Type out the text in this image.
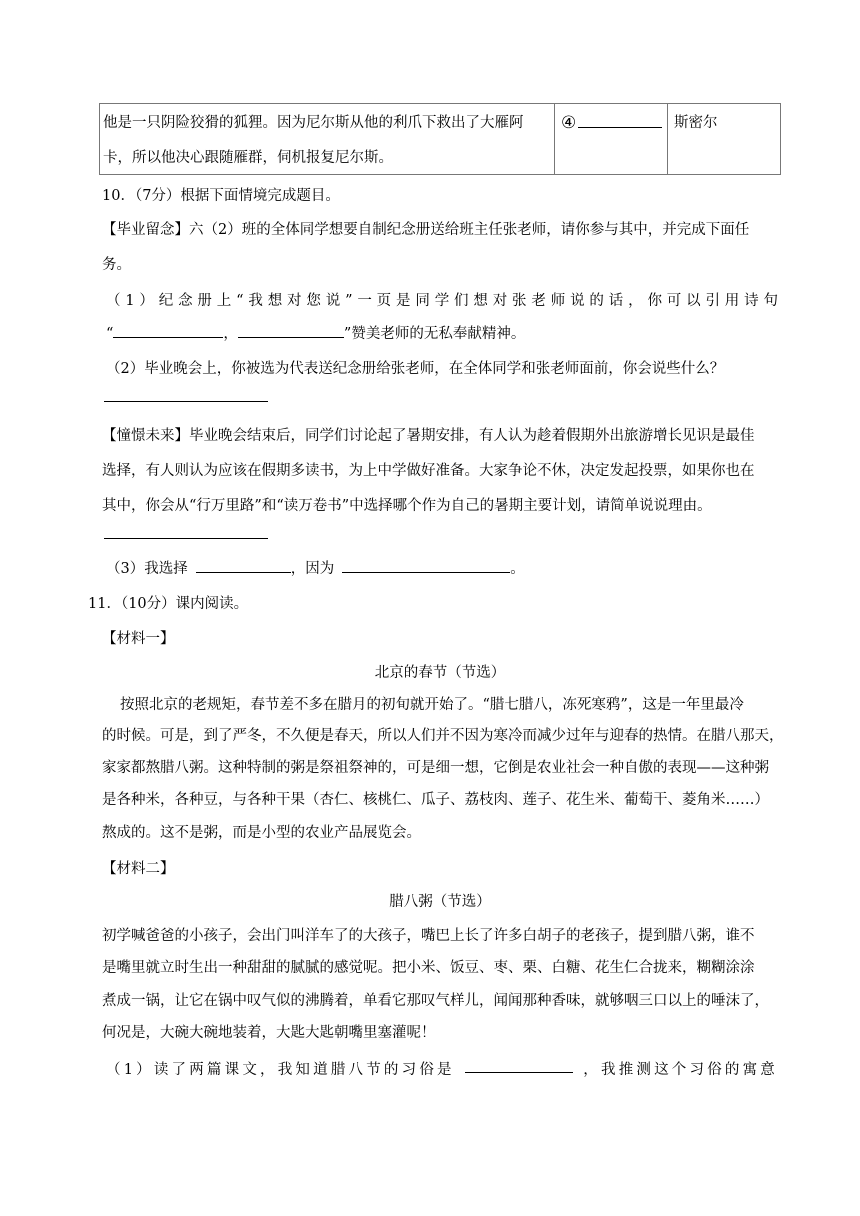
他是一只阴险狡猾的狐狸。因为尼尔斯从他的利爪下救出了大雁阿
卡，所以他决心跟随雁群，伺机报复尼尔斯。

④	斯密尔
10．（7分）根据下面情境完成题目。
【毕业留念】六（2）班的全体同学想要自制纪念册送给班主任张老师，请你参与其中，并完成下面任
务。
（1）纪念册上“我想对您说”一页是同学们想对张老师说的话，你可以引用诗句
“	，	”赞美老师的无私奉献精神。
（2）毕业晚会上，你被选为代表送纪念册给张老师，在全体同学和张老师面前，你会说些什么？
【憧憬未来】毕业晚会结束后，同学们讨论起了暑期安排，有人认为趁着假期外出旅游增长见识是最佳
选择，有人则认为应该在假期多读书，为上中学做好准备。大家争论不休，决定发起投票，如果你也在
其中，你会从“行万里路”和“读万卷书”中选择哪个作为自己的暑期主要计划，请简单说说理由。
（3）我选择	，因为	。
11．（10分）课内阅读。
【材料一】
北京的春节（节选）
按照北京的老规矩，春节差不多在腊月的初旬就开始了。“腊七腊八，冻死寒鸦”，这是一年里最冷
的时候。可是，到了严冬，不久便是春天，所以人们并不因为寒冷而减少过年与迎春的热情。在腊八那天，
家家都熬腊八粥。这种特制的粥是祭祖祭神的，可是细一想，它倒是农业社会一种自傲的表现——这种粥
是各种米，各种豆，与各种干果（杏仁、核桃仁、瓜子、荔枝肉、莲子、花生米、葡萄干、菱角米……）
熬成的。这不是粥，而是小型的农业产品展览会。
【材料二】
腊八粥（节选）
初学喊爸爸的小孩子，会出门叫洋车了的大孩子，嘴巴上长了许多白胡子的老孩子，提到腊八粥，谁不
是嘴里就立时生出一种甜甜的腻腻的感觉呢。把小米、饭豆、枣、栗、白糖、花生仁合拢来，糊糊涂涂
煮成一锅，让它在锅中叹气似的沸腾着，单看它那叹气样儿，闻闻那种香味，就够咽三口以上的唾沫了，
何况是，大碗大碗地装着，大匙大匙朝嘴里塞灌呢！
（1）读了两篇课文，我知道腊八节的习俗是	，我推测这个习俗的寓意
